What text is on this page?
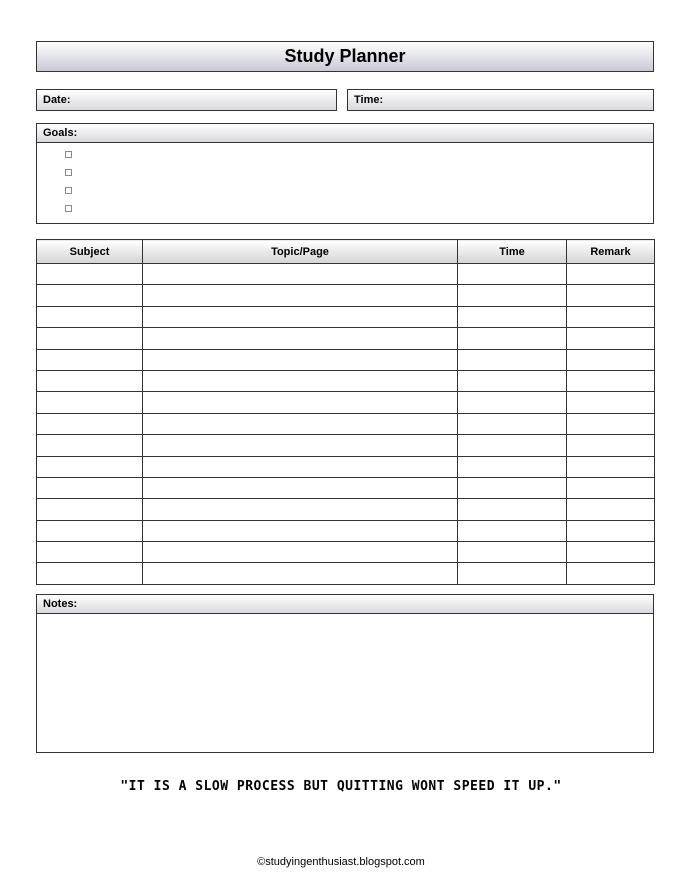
Study Planner
Date:	Time:
Goals:
Subject	Topic/Page	Time	Remark

Notes:
"IT IS A SLOW PROCESS BUT QUITTING WONT SPEED IT UP."
©studyingenthusiast.blogspot.com
